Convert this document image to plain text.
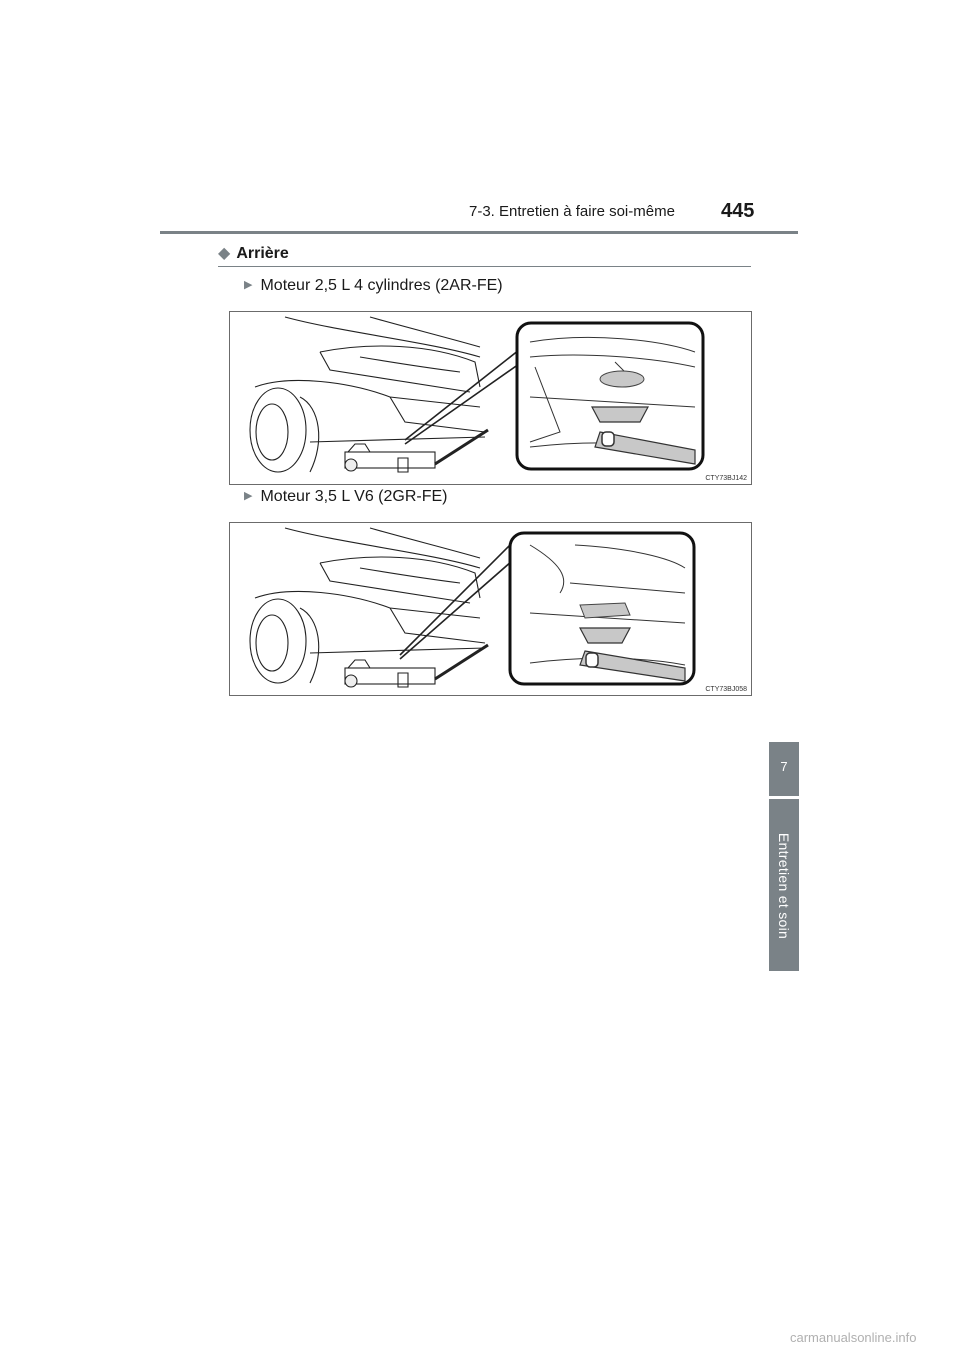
7-3. Entretien à faire soi-même 445
7
Entretien et soin
◆ Arrière
▶ Moteur 2,5 L 4 cylindres (2AR-FE)
CTY73BJ142
▶ Moteur 3,5 L V6 (2GR-FE)
CTY73BJ058
carmanualsonline.info
